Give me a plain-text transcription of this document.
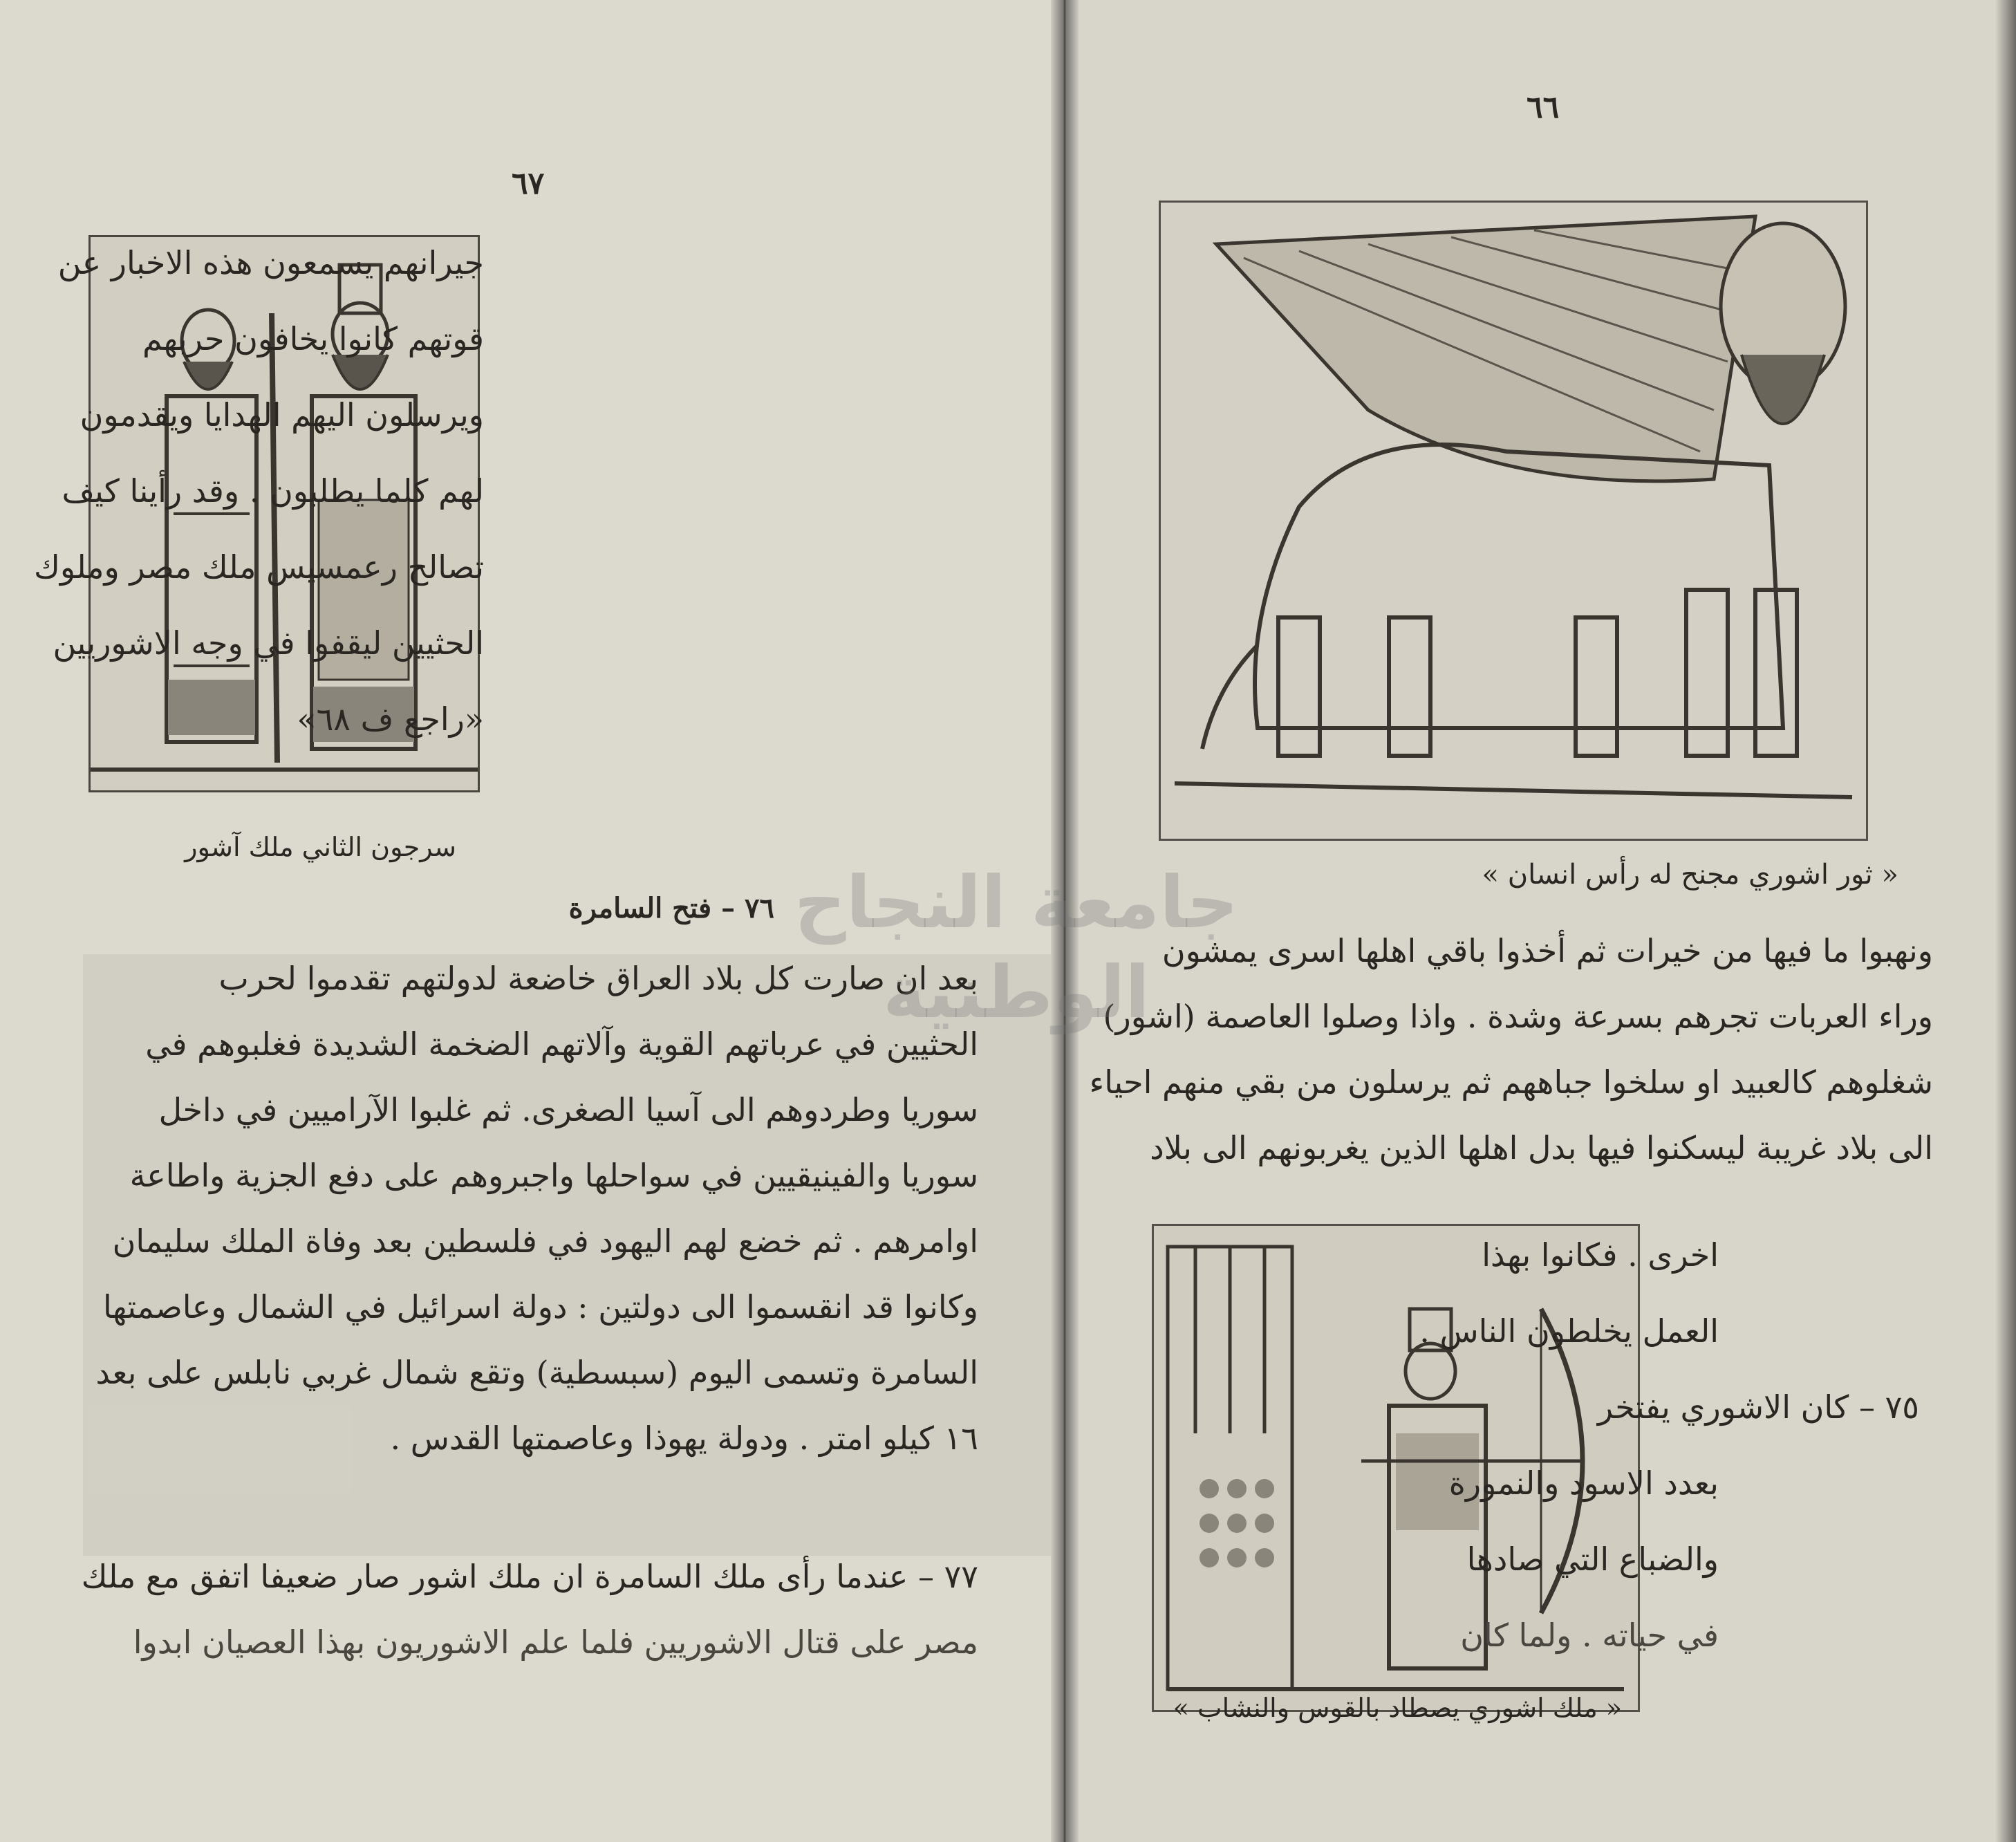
٦٧
جيرانهم يسمعون هذه الاخبار عن
قوتهم كانوا يخافون حربهم
ويرسلون اليهم الهدايا ويقدمون
لهم كلما يطلبون . وقد رأينا كيف
تصالح رعمسيس ملك مصر وملوك
الحثيين ليقفوا في وجه الاشوريين
«راجع ف ٦٨»
سرجون الثاني ملك آشور
٧٦ – فتح السامرة
بعد ان صارت كل بلاد العراق خاضعة لدولتهم تقدموا لحرب
الحثيين في عرباتهم القوية وآلاتهم الضخمة الشديدة فغلبوهم في
سوريا وطردوهم الى آسيا الصغرى. ثم غلبوا الآراميين في داخل
سوريا والفينيقيين في سواحلها واجبروهم على دفع الجزية واطاعة
اوامرهم . ثم خضع لهم اليهود في فلسطين بعد وفاة الملك سليمان
وكانوا قد انقسموا الى دولتين : دولة اسرائيل في الشمال وعاصمتها
السامرة وتسمى اليوم (سبسطية) وتقع شمال غربي نابلس على بعد
١٦ كيلو امتر . ودولة يهوذا وعاصمتها القدس .
٧٧ – عندما رأى ملك السامرة ان ملك اشور صار ضعيفا اتفق مع ملك
مصر على قتال الاشوريين فلما علم الاشوريون بهذا العصيان ابدوا
٦٦
« ثور اشوري مجنح له رأس انسان »
ونهبوا ما فيها من خيرات ثم أخذوا باقي اهلها اسرى يمشون
وراء العربات تجرهم بسرعة وشدة . واذا وصلوا العاصمة (اشور)
شغلوهم كالعبيد او سلخوا جباههم ثم يرسلون من بقي منهم احياء
الى بلاد غريبة ليسكنوا فيها بدل اهلها الذين يغربونهم الى بلاد
اخرى . فكانوا بهذا
العمل يخلطون الناس .
٧٥ – كان الاشوري يفتخر
بعدد الاسود والنمورة
والضباع التي صادها
في حياته . ولما كان
« ملك اشوري يصطاد بالقوس والنشاب »
جامعة النجاح الوطنية
